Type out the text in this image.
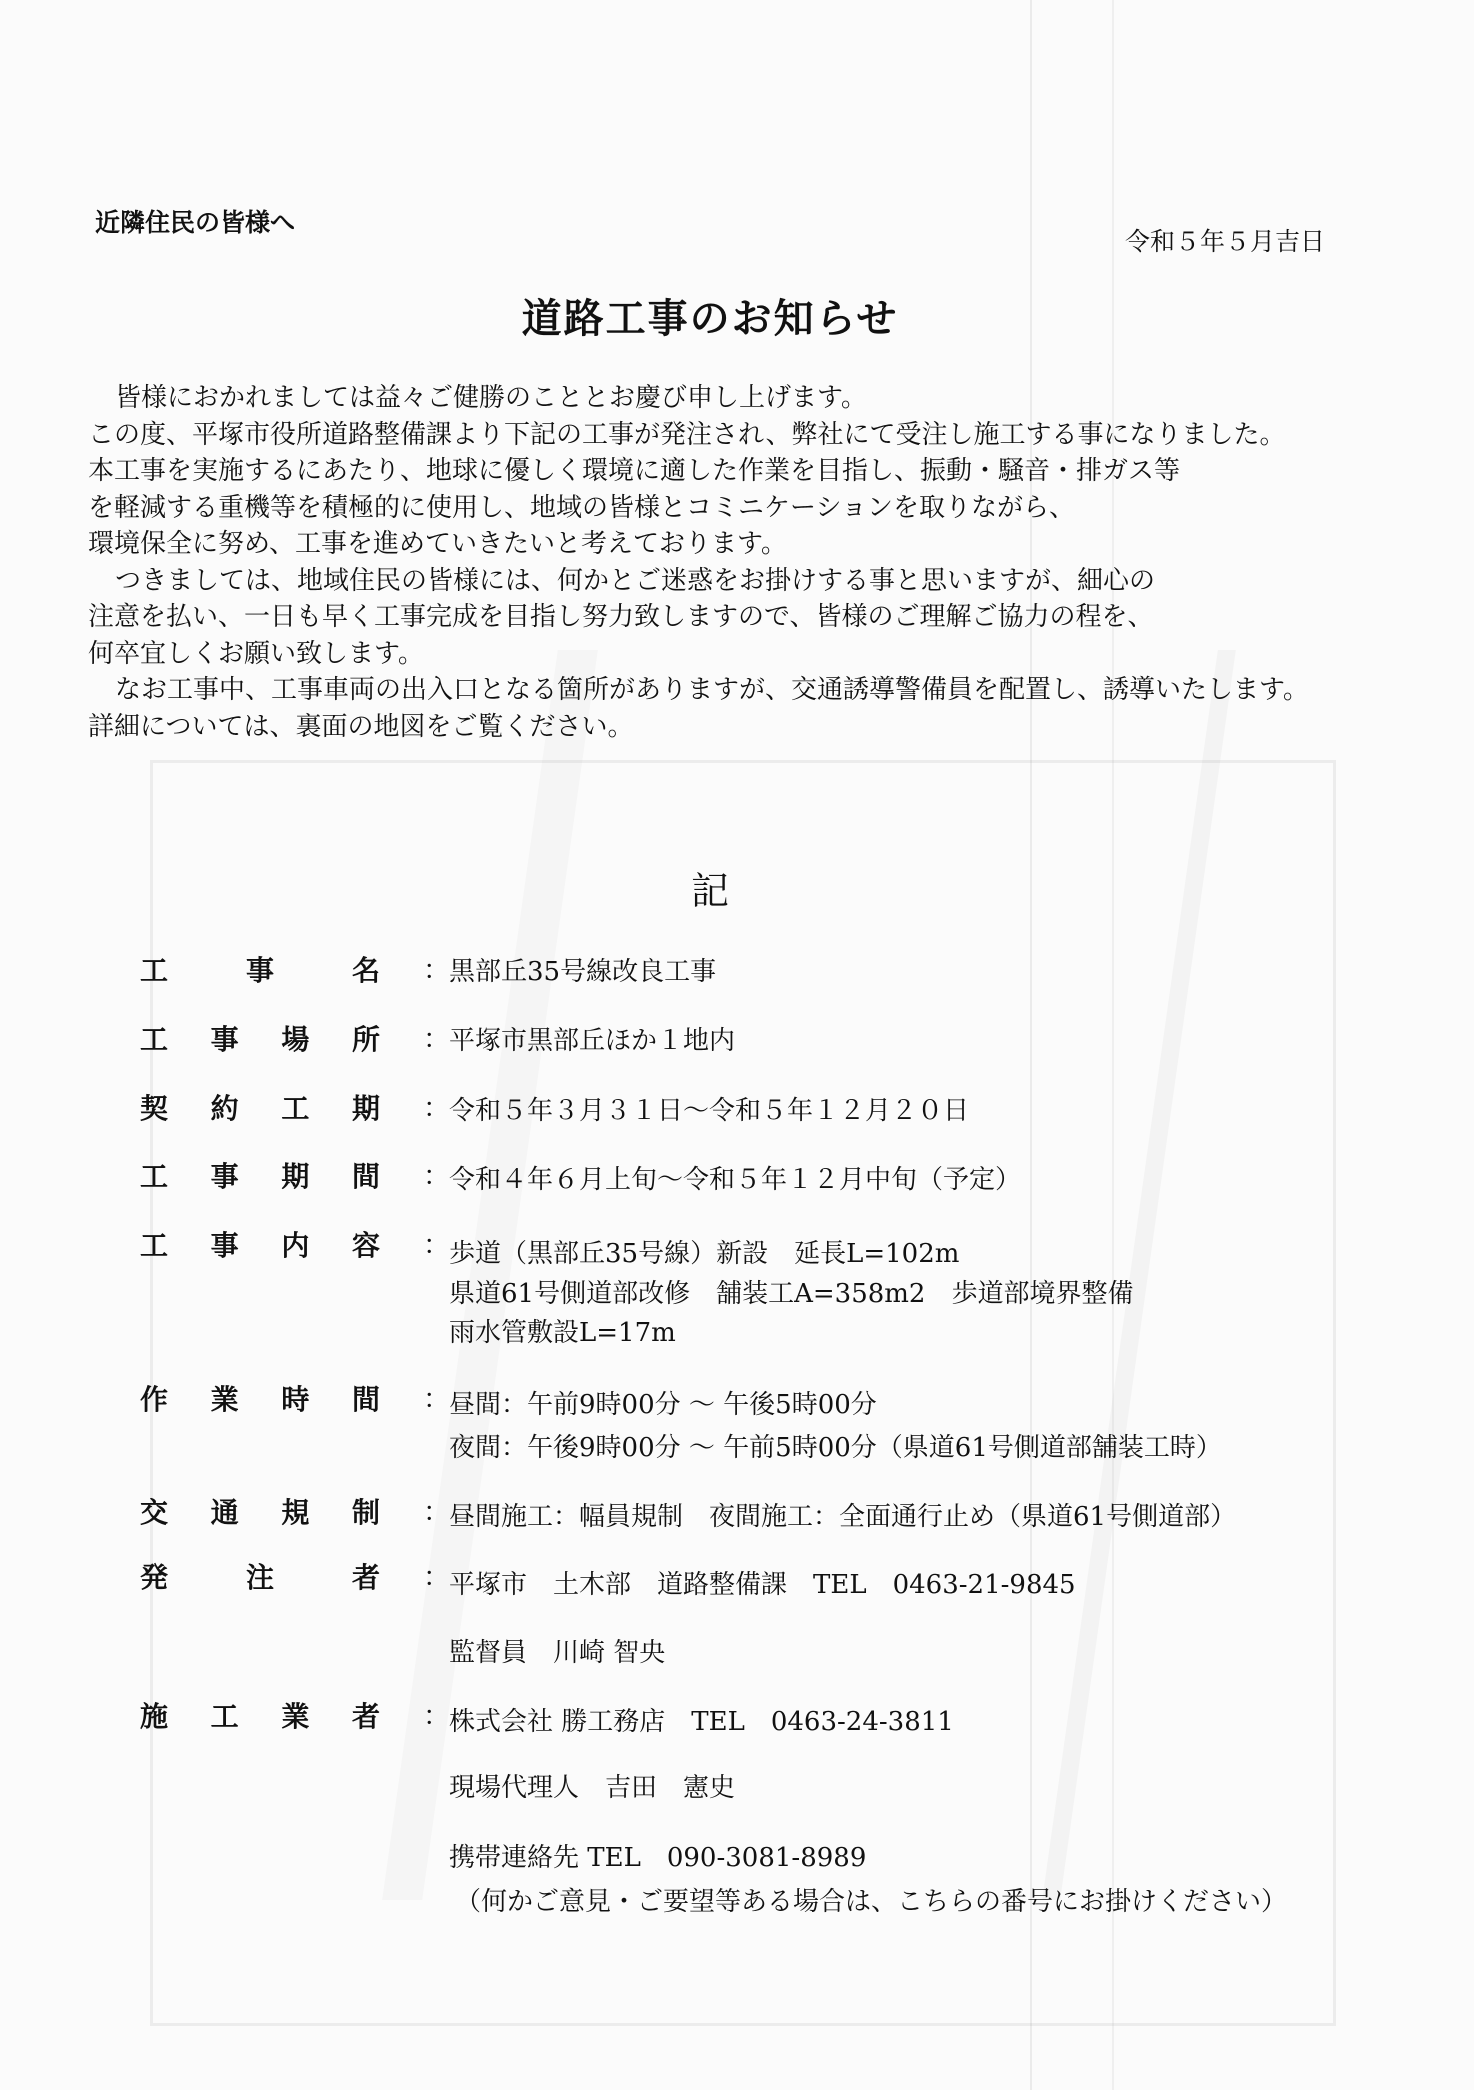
近隣住民の皆様へ
令和５年５月吉日
道路工事のお知らせ
皆様におかれましては益々ご健勝のこととお慶び申し上げます。
この度、平塚市役所道路整備課より下記の工事が発注され、弊社にて受注し施工する事になりました。
本工事を実施するにあたり、地球に優しく環境に適した作業を目指し、振動・騒音・排ガス等
を軽減する重機等を積極的に使用し、地域の皆様とコミニケーションを取りながら、
環境保全に努め、工事を進めていきたいと考えております。
つきましては、地域住民の皆様には、何かとご迷惑をお掛けする事と思いますが、細心の
注意を払い、一日も早く工事完成を目指し努力致しますので、皆様のご理解ご協力の程を、
何卒宜しくお願い致します。
なお工事中、工事車両の出入口となる箇所がありますが、交通誘導警備員を配置し、誘導いたします。
詳細については、裏面の地図をご覧ください。
記
工	事	名 ： 黒部丘35号線改良工事
工 事 場 所 ： 平塚市黒部丘ほか１地内
契 約 工 期 ： 令和５年３月３１日～令和５年１２月２０日
工 事 期 間 ： 令和４年６月上旬～令和５年１２月中旬（予定）
工 事 内 容 ： 歩道（黒部丘35号線）新設　延長L=102m
県道61号側道部改修　舗装工A=358m2　歩道部境界整備
雨水管敷設L=17m
作 業 時 間 ： 昼間：午前9時00分 ～ 午後5時00分
夜間：午後9時00分 ～ 午前5時00分（県道61号側道部舗装工時）
交 通 規 制 ： 昼間施工：幅員規制　夜間施工：全面通行止め（県道61号側道部）
発	注	者 ： 平塚市　土木部　道路整備課　TEL　0463-21-9845
監督員　川崎 智央
施 工 業 者 ： 株式会社 勝工務店　TEL　0463-24-3811
現場代理人　吉田　憲史
携帯連絡先 TEL　090-3081-8989
（何かご意見・ご要望等ある場合は、こちらの番号にお掛けください）
